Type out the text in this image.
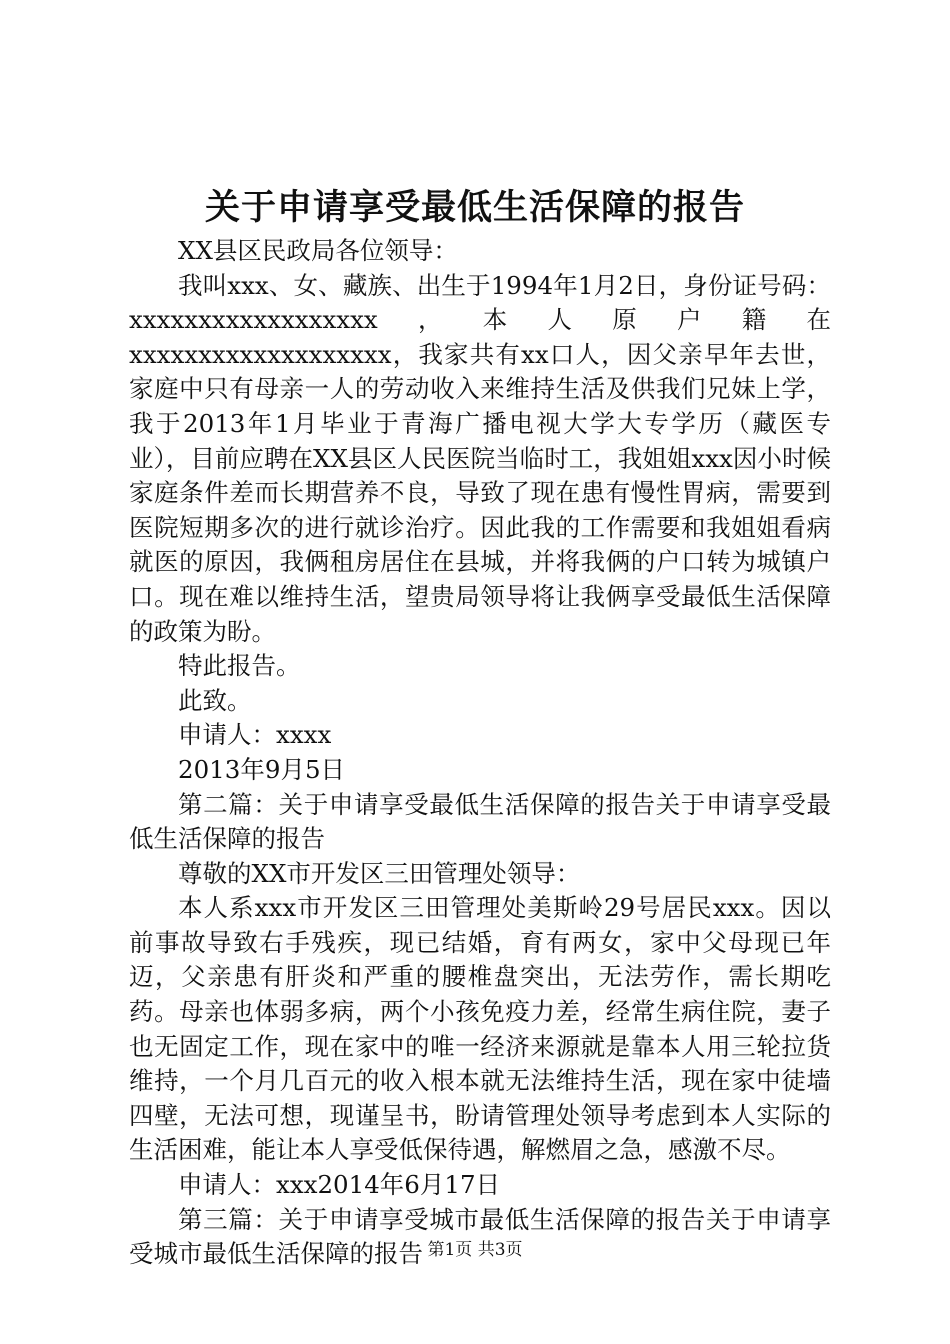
关于申请享受最低生活保障的报告

XX县区民政局各位领导：

我叫xxx、女、藏族、出生于1994年1月2日，身份证号码：xxxxxxxxxxxxxxxxxx，本人原户籍在xxxxxxxxxxxxxxxxxxx，我家共有xx口人，因父亲早年去世，家庭中只有母亲一人的劳动收入来维持生活及供我们兄妹上学，我于2013年1月毕业于青海广播电视大学大专学历（藏医专业），目前应聘在XX县区人民医院当临时工，我姐姐xxx因小时候家庭条件差而长期营养不良，导致了现在患有慢性胃病，需要到医院短期多次的进行就诊治疗。因此我的工作需要和我姐姐看病就医的原因，我俩租房居住在县城，并将我俩的户口转为城镇户口。现在难以维持生活，望贵局领导将让我俩享受最低生活保障的政策为盼。

特此报告。

此致。

申请人：xxxx

2013年9月5日

第二篇：关于申请享受最低生活保障的报告关于申请享受最低生活保障的报告

尊敬的XX市开发区三田管理处领导：

本人系xxx市开发区三田管理处美斯岭29号居民xxx。因以前事故导致右手残疾，现已结婚，育有两女，家中父母现已年迈，父亲患有肝炎和严重的腰椎盘突出，无法劳作，需长期吃药。母亲也体弱多病，两个小孩免疫力差，经常生病住院，妻子也无固定工作，现在家中的唯一经济来源就是靠本人用三轮拉货维持，一个月几百元的收入根本就无法维持生活，现在家中徒墙四壁，无法可想，现谨呈书，盼请管理处领导考虑到本人实际的生活困难，能让本人享受低保待遇，解燃眉之急，感激不尽。

申请人：xxx2014年6月17日

第三篇：关于申请享受城市最低生活保障的报告关于申请享受城市最低生活保障的报告 第1页 共3页
